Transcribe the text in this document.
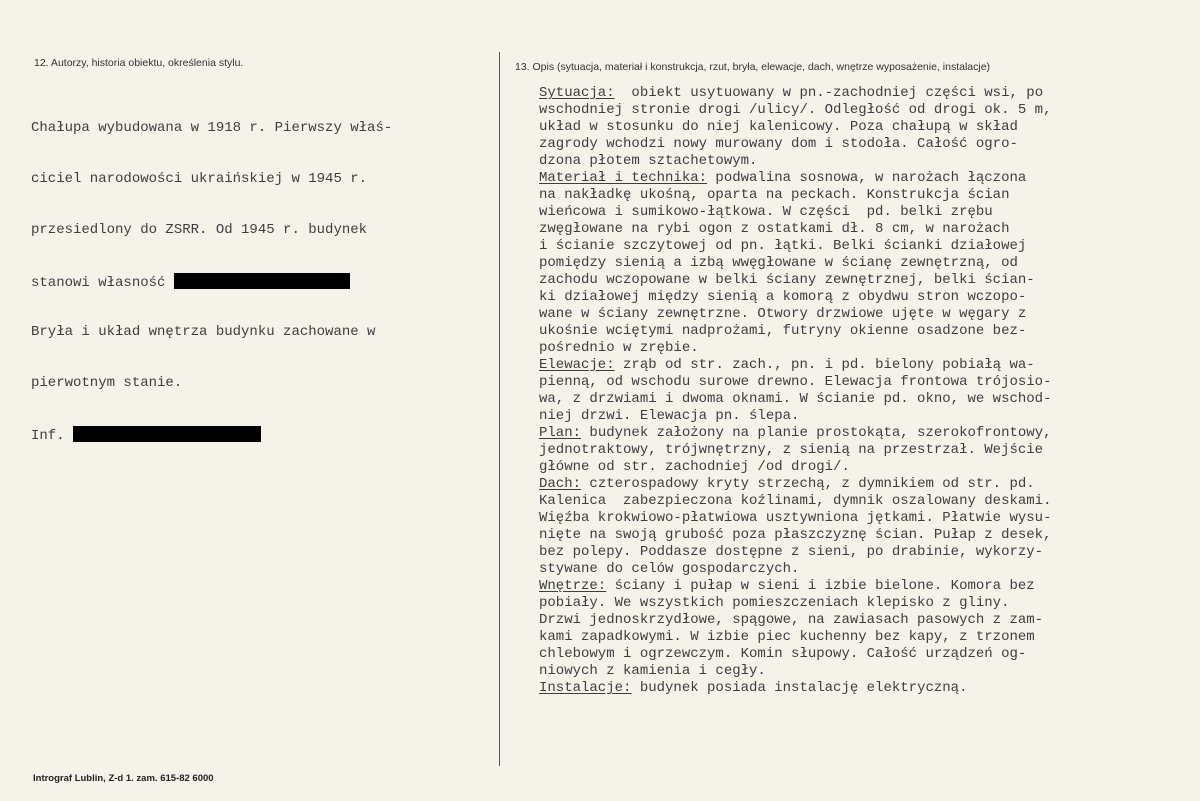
12. Autorzy, historia obiektu, określenia stylu.	13. Opis (sytuacja, materiał i konstrukcja, rzut, bryła, elewacje, dach, wnętrze wyposażenie, instalacje)

Chałupa wybudowana w 1918 r. Pierwszy właś-

ciciel narodowości ukraińskiej w 1945 r.

przesiedlony do ZSRR. Od 1945 r. budynek

stanowi własność

Bryła i układ wnętrza budynku zachowane w

pierwotnym stanie.

Inf.

Sytuacja:  obiekt usytuowany w pn.-zachodniej części wsi, po
wschodniej stronie drogi /ulicy/. Odległość od drogi ok. 5 m,
układ w stosunku do niej kalenicowy. Poza chałupą w skład
zagrody wchodzi nowy murowany dom i stodoła. Całość ogro-
dzona płotem sztachetowym.
Materiał i technika: podwalina sosnowa, w narożach łączona
na nakładkę ukośną, oparta na peckach. Konstrukcja ścian
wieńcowa i sumikowo-łątkowa. W części  pd. belki zrębu
zwęgłowane na rybi ogon z ostatkami dł. 8 cm, w narożach
i ścianie szczytowej od pn. łątki. Belki ścianki działowej
pomiędzy sienią a izbą wwęgłowane w ścianę zewnętrzną, od
zachodu wczopowane w belki ściany zewnętrznej, belki ścian-
ki działowej między sienią a komorą z obydwu stron wczopo-
wane w ściany zewnętrzne. Otwory drzwiowe ujęte w węgary z
ukośnie wciętymi nadprożami, futryny okienne osadzone bez-
pośrednio w zrębie.
Elewacje: zrąb od str. zach., pn. i pd. bielony pobiałą wa-
pienną, od wschodu surowe drewno. Elewacja frontowa trójosio-
wa, z drzwiami i dwoma oknami. W ścianie pd. okno, we wschod-
niej drzwi. Elewacja pn. ślepa.
Plan: budynek założony na planie prostokąta, szerokofrontowy,
jednotraktowy, trójwnętrzny, z sienią na przestrzał. Wejście
główne od str. zachodniej /od drogi/.
Dach: czterospadowy kryty strzechą, z dymnikiem od str. pd.
Kalenica  zabezpieczona koźlinami, dymnik oszalowany deskami.
Więźba krokwiowo-płatwiowa usztywniona jętkami. Płatwie wysu-
nięte na swoją grubość poza płaszczyznę ścian. Pułap z desek,
bez polepy. Poddasze dostępne z sieni, po drabinie, wykorzy-
stywane do celów gospodarczych.
Wnętrze: ściany i pułap w sieni i izbie bielone. Komora bez
pobiały. We wszystkich pomieszczeniach klepisko z gliny.
Drzwi jednoskrzydłowe, spągowe, na zawiasach pasowych z zam-
kami zapadkowymi. W izbie piec kuchenny bez kapy, z trzonem
chlebowym i ogrzewczym. Komin słupowy. Całość urządzeń og-
niowych z kamienia i cegły.
Instalacje: budynek posiada instalację elektryczną.
Intrograf Lublin, Z-d 1. zam. 615-82 6000
